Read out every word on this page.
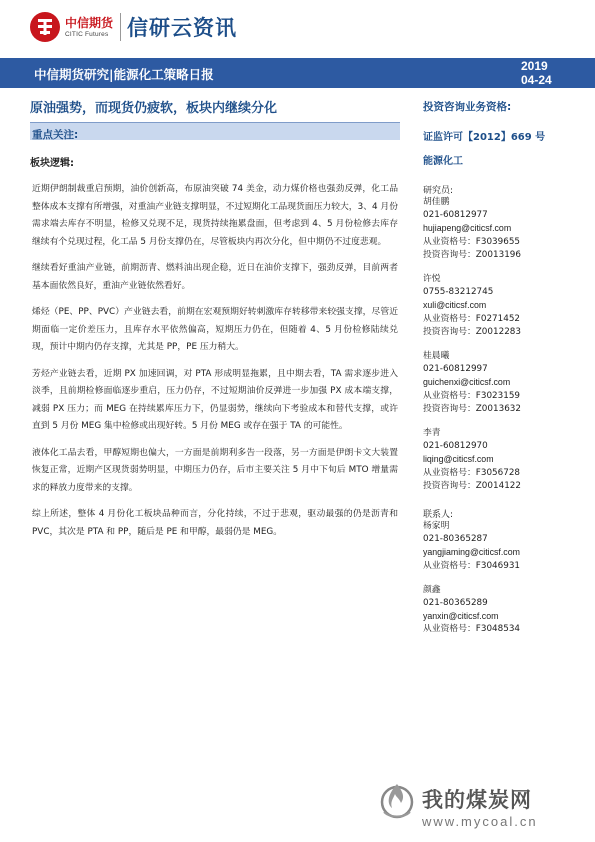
中信期货
CITIC Futures 信研云资讯
中信期货研究|能源化工策略日报
2019
04-24
原油强势，而现货仍疲软，板块内继续分化
重点关注:
板块逻辑:

近期伊朗制裁重启预期，油价创新高，布原油突破 74 美金，动力煤价格也强劲反弹，化工品整体成本支撑有所增强，对重油产业链支撑明显，不过短期化工品现货面压力较大，3、4 月份需求端去库存不明显，检修又兑现不足，现货持续拖累盘面，但考虑到 4、5 月份检修去库存继续有个兑现过程，化工品 5 月份支撑仍在，尽管板块内再次分化，但中期仍不过度悲观。

继续看好重油产业链，前期沥青、燃料油出现企稳，近日在油价支撑下，强劲反弹，目前两者基本面依然良好，重油产业链依然看好。

烯烃（PE、PP、PVC）产业链去看，前期在宏观预期好转刺激库存转移带来较强支撑，尽管近期面临一定价差压力，且库存水平依然偏高，短期压力仍在，但随着 4、5 月份检修陆续兑现，预计中期内仍存支撑，尤其是 PP，PE 压力稍大。

芳烃产业链去看，近期 PX 加速回调，对 PTA 形成明显拖累，且中期去看，TA 需求逐步进入淡季，且前期检修面临逐步重启，压力仍存，不过短期油价反弹进一步加强 PX 成本端支撑，减弱 PX 压力；而 MEG 在持续累库压力下，仍显弱势，继续向下考验成本和替代支撑，或许直到 5 月份 MEG 集中检修或出现好转。5 月份 MEG 或存在强于 TA 的可能性。

液体化工品去看，甲醇短期也偏大，一方面是前期利多告一段落，另一方面是伊朗卡文大装置恢复正常，近期产区现货弱势明显，中期压力仍存，后市主要关注 5 月中下旬后 MTO 增量需求的释放力度带来的支撑。

综上所述，整体 4 月份化工板块品种而言，分化持续，不过于悲观，驱动最强的仍是沥青和 PVC，其次是 PTA 和 PP，随后是 PE 和甲醇，最弱仍是 MEG。

投资咨询业务资格:
证监许可【2012】669 号
能源化工
研究员:
胡佳鹏
021-60812977
hujiapeng@citicsf.com
从业资格号：F3039655
投资咨询号：Z0013196
许悦
0755-83212745
xuli@citicsf.com
从业资格号：F0271452
投资咨询号：Z0012283
桂晨曦
021-60812997
guichenxi@citicsf.com
从业资格号：F3023159
投资咨询号：Z0013632
李青
021-60812970
liqing@citicsf.com
从业资格号：F3056728
投资咨询号：Z0014122
联系人:
杨家明
021-80365287
yangjiaming@citicsf.com
从业资格号：F3046931
颜鑫
021-80365289
yanxin@citicsf.com
从业资格号：F3048534
我的煤炭网
www.mycoal.cn
